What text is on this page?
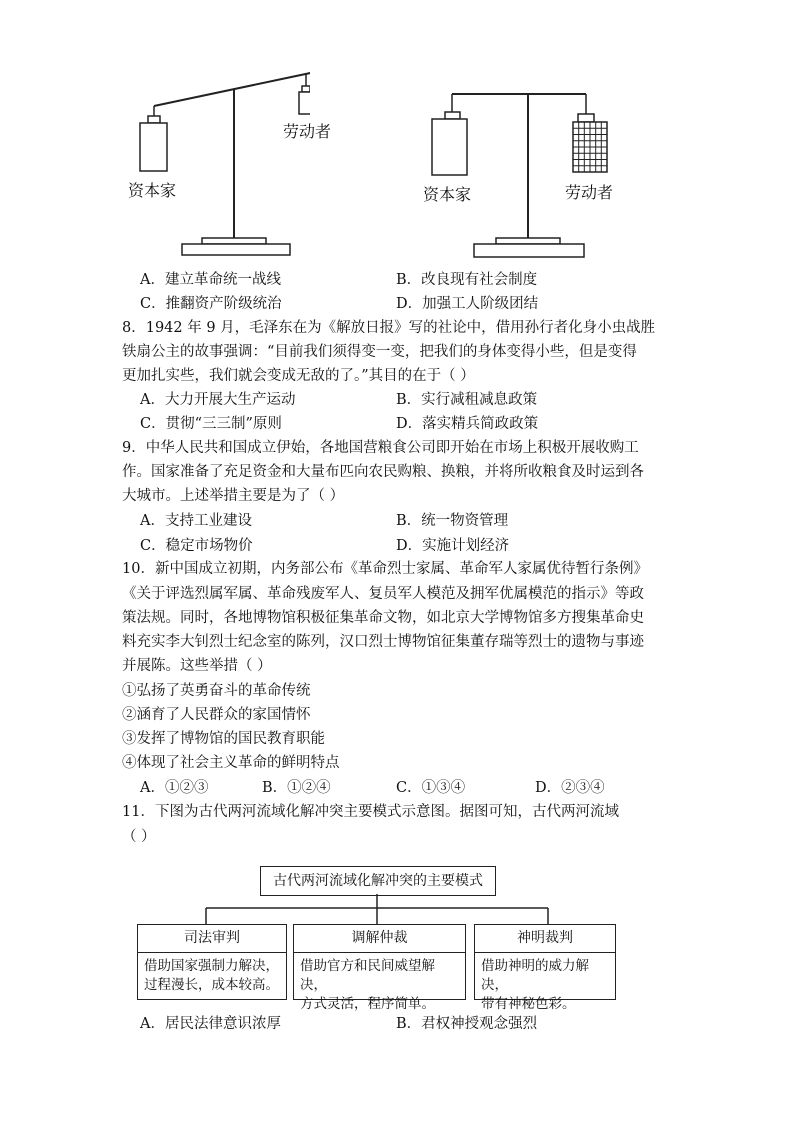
资本家
劳动者
资本家	劳动者
A．建立革命统一战线	B．改良现有社会制度
C．推翻资产阶级统治	D．加强工人阶级团结
8．1942 年 9 月，毛泽东在为《解放日报》写的社论中，借用孙行者化身小虫战胜
铁扇公主的故事强调：“目前我们须得变一变，把我们的身体变得小些，但是变得
更加扎实些，我们就会变成无敌的了。”其目的在于（ ）
A．大力开展大生产运动	B．实行减租减息政策
C．贯彻“三三制”原则	D．落实精兵简政政策
9．中华人民共和国成立伊始，各地国营粮食公司即开始在市场上积极开展收购工
作。国家准备了充足资金和大量布匹向农民购粮、换粮，并将所收粮食及时运到各
大城市。上述举措主要是为了（ ）
A．支持工业建设	B．统一物资管理
C．稳定市场物价	D．实施计划经济
10．新中国成立初期，内务部公布《革命烈士家属、革命军人家属优待暂行条例》
《关于评选烈属军属、革命残废军人、复员军人模范及拥军优属模范的指示》等政
策法规。同时，各地博物馆积极征集革命文物，如北京大学博物馆多方搜集革命史
料充实李大钊烈士纪念室的陈列，汉口烈士博物馆征集董存瑞等烈士的遗物与事迹
并展陈。这些举措（ ）
①弘扬了英勇奋斗的革命传统
②涵育了人民群众的家国情怀
③发挥了博物馆的国民教育职能
④体现了社会主义革命的鲜明特点
A．①②③	B．①②④	C．①③④	D．②③④
11．下图为古代两河流域化解冲突主要模式示意图。据图可知，古代两河流域
（ ）
古代两河流域化解冲突的主要模式
司法审判
借助国家强制力解决，
过程漫长，成本较高。
调解仲裁
借助官方和民间威望解决，
方式灵活，程序简单。
神明裁判
借助神明的威力解决，
带有神秘色彩。
A．居民法律意识浓厚	B．君权神授观念强烈
